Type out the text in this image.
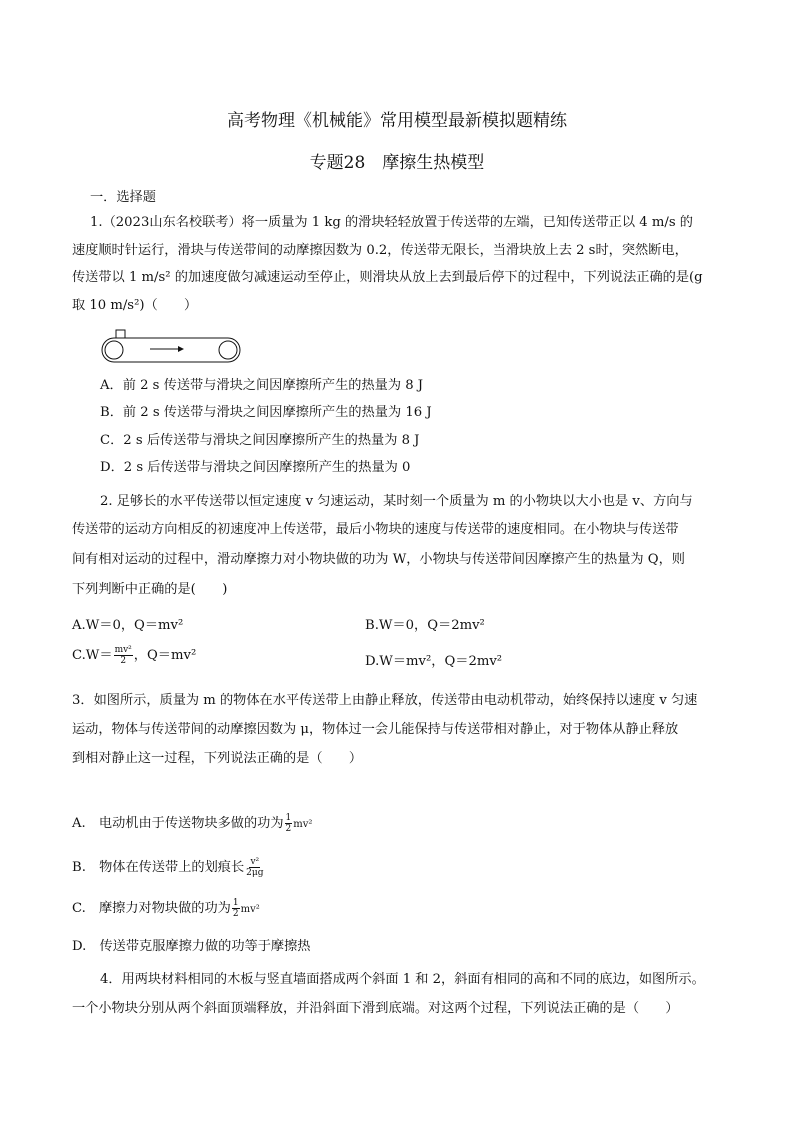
高考物理《机械能》常用模型最新模拟题精练
专题28　摩擦生热模型
一．选择题
1.（2023山东名校联考）将一质量为 1 kg 的滑块轻轻放置于传送带的左端，已知传送带正以 4 m/s 的
速度顺时针运行，滑块与传送带间的动摩擦因数为 0.2，传送带无限长，当滑块放上去 2 s时，突然断电，
传送带以 1 m/s² 的加速度做匀减速运动至停止，则滑块从放上去到最后停下的过程中，下列说法正确的是(g
取 10 m/s²)（　　）
A．前 2 s 传送带与滑块之间因摩擦所产生的热量为 8 J
B．前 2 s 传送带与滑块之间因摩擦所产生的热量为 16 J
C．2 s 后传送带与滑块之间因摩擦所产生的热量为 8 J
D．2 s 后传送带与滑块之间因摩擦所产生的热量为 0
2. 足够长的水平传送带以恒定速度 v 匀速运动，某时刻一个质量为 m 的小物块以大小也是 v、方向与
传送带的运动方向相反的初速度冲上传送带，最后小物块的速度与传送带的速度相同。在小物块与传送带
间有相对运动的过程中，滑动摩擦力对小物块做的功为 W，小物块与传送带间因摩擦产生的热量为 Q，则
下列判断中正确的是(　　)
A.W＝0，Q＝mv²	B.W＝0，Q＝2mv²
$C.W= \frac{\text{mv²}}{2}$ ，Q＝mv²	D.W＝mv²，Q＝2mv²
3．如图所示，质量为 m 的物体在水平传送带上由静止释放，传送带由电动机带动，始终保持以速度 v 匀速
运动，物体与传送带间的动摩擦因数为 μ，物体过一会儿能保持与传送带相对静止，对于物体从静止释放
到相对静止这一过程，下列说法正确的是（　　）
A.　电动机由于传送物块多做的功为 $\frac{1}{2} mv^2$
B.　物体在传送带上的划痕长 $\frac{\text{v²}}{2\mu g}$
C.　摩擦力对物块做的功为 $\frac{1}{2} mv^2$
D.　传送带克服摩擦力做的功等于摩擦热
4．用两块材料相同的木板与竖直墙面搭成两个斜面 1 和 2，斜面有相同的高和不同的底边，如图所示。
一个小物块分别从两个斜面顶端释放，并沿斜面下滑到底端。对这两个过程，下列说法正确的是（　　）
